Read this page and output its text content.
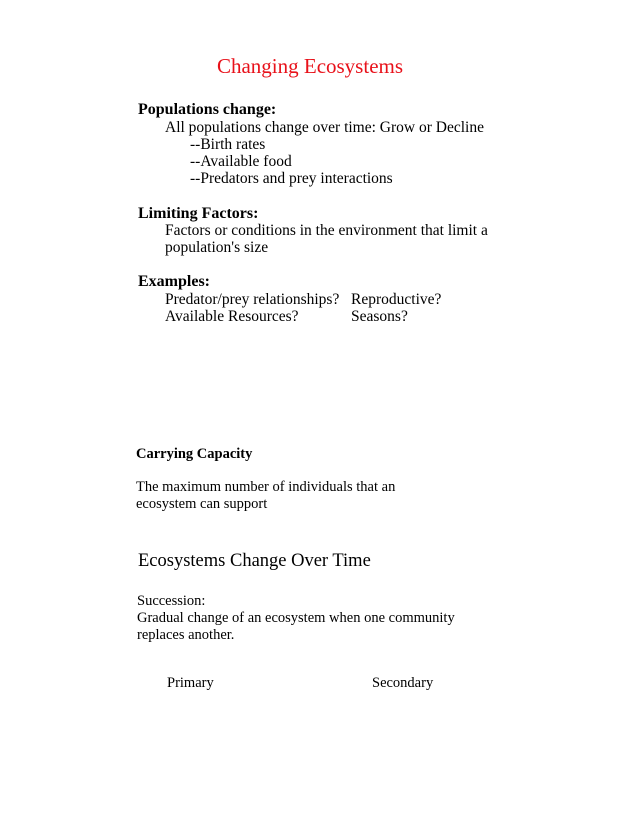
Changing Ecosystems
Populations change:
All populations change over time: Grow or Decline
--Birth rates
--Available food
--Predators and prey interactions
Limiting Factors:
Factors or conditions in the environment that limit a
population's size
Examples:
Predator/prey relationships?
Available Resources?
Reproductive?
Seasons?
Carrying Capacity
The maximum number of individuals that an
ecosystem can support
Ecosystems Change Over Time
Succession:
Gradual change of an ecosystem when one community
replaces another.
Primary	Secondary
